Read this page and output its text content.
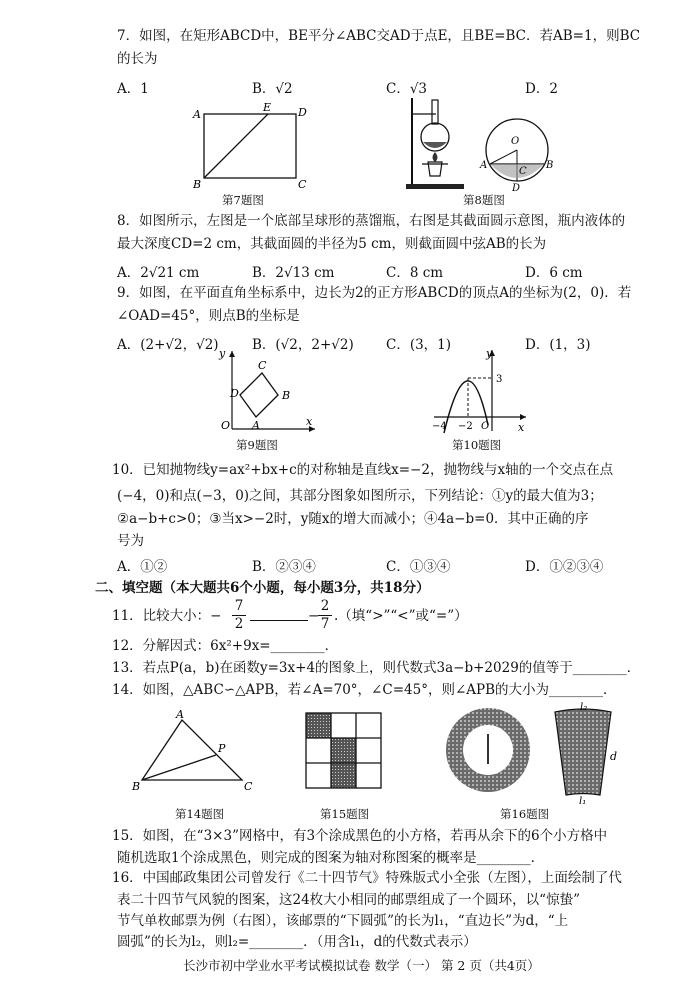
7．如图，在矩形ABCD中，BE平分∠ABC交AD于点E，且BE=BC．若AB=1，则BC
的长为
A．1	B．√2	C．√3	D．2
A
E D
B	C
第7题图
O
A
C
B
D
第8题图
8．如图所示，左图是一个底部呈球形的蒸馏瓶，右图是其截面圆示意图，瓶内液体的
最大深度CD=2 cm，其截面圆的半径为5 cm，则截面圆中弦AB的长为
A．2√21 cm	B．2√13 cm	C．8 cm	D．6 cm
9．如图，在平面直角坐标系中，边长为2的正方形ABCD的顶点A的坐标为(2，0)．若
∠OAD=45°，则点B的坐标是
A．(2+√2，√2) B．(√2，2+√2) C．(3，1)	D．(1，3)
y
C
D	B
O A	x
第9题图
y
3
−4 −2 O	x
第10题图
10．已知抛物线y=ax²+bx+c的对称轴是直线x=−2，抛物线与x轴的一个交点在点
(−4，0)和点(−3，0)之间，其部分图象如图所示，下列结论：①y的最大值为3；
②a−b+c>0；③当x>−2时，y随x的增大而减小；④4a−b=0．其中正确的序
号为
A．①②	B．②③④	C．①③④	D．①②③④
二、填空题（本大题共6个小题，每小题3分，共18分）
11．比较大小：− $\frac{7}{2}$	−
$\frac{2}{7}$ .（填“>”“<”或“=”）
12．分解因式：6x²+9x=________．
13．若点P(a，b)在函数y=3x+4的图象上，则代数式3a−b+2029的值等于________．
14．如图，△ABC∽△APB，若∠A=70°，∠C=45°，则∠APB的大小为________．
A
P
B	C
第14题图	第15题图
l₂
d
l₁
第16题图
15．如图，在“3×3”网格中，有3个涂成黑色的小方格，若再从余下的6个小方格中
随机选取1个涂成黑色，则完成的图案为轴对称图案的概率是________．
16．中国邮政集团公司曾发行《二十四节气》特殊版式小全张（左图），上面绘制了代
表二十四节气风貌的图案，这24枚大小相同的邮票组成了一个圆环，以“惊蛰”
节气单枚邮票为例（右图），该邮票的“下圆弧”的长为l₁，“直边长”为d，“上
圆弧”的长为l₂，则l₂=________．（用含l₁，d的代数式表示）
长沙市初中学业水平考试模拟试卷 数学（一） 第 2 页（共4页）
